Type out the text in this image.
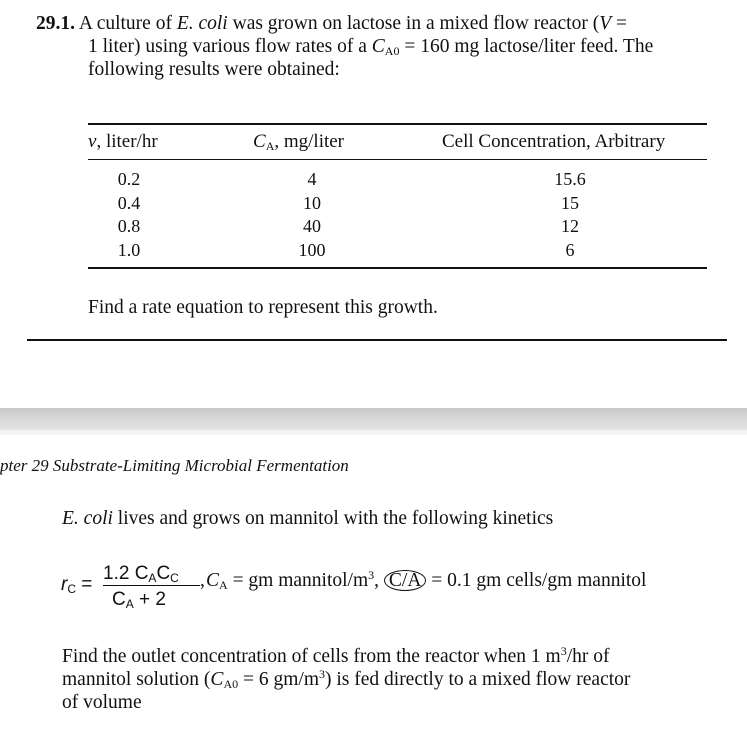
29.1. A culture of E. coli was grown on lactose in a mixed flow reactor (V =
1 liter) using various flow rates of a $C_{A0} = 160$ mg lactose/liter feed. The
following results were obtained:
v, liter/hr	$C_A$, mg/liter	Cell Concentration, Arbitrary
0.2
0.4
0.8
1.0
4
10
40
100
15.6
15
12
6
Find a rate equation to represent this growth.
pter 29 Substrate-Limiting Microbial Fermentation
E. coli lives and grows on mannitol with the following kinetics
$r_C$ =
1.2 $C_AC_C$
$C_A + 2$
, $C_A$ = gm mannitol/$m^3$, C/A = 0.1 gm cells/gm mannitol
Find the outlet concentration of cells from the reactor when 1 $m^3/hr$ of
mannitol solution ($C_{A0} = 6$ $gm/m^3$) is fed directly to a mixed flow reactor
of volume
